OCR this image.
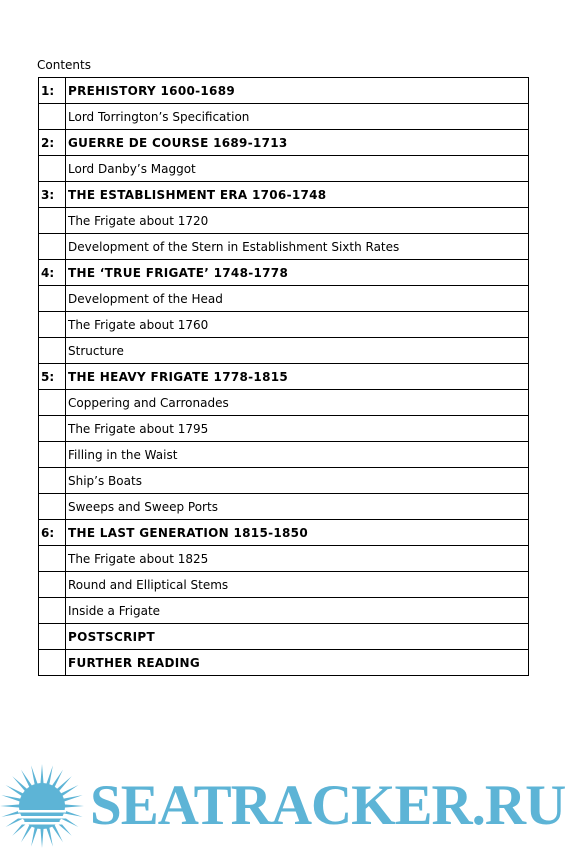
Contents
1:	PREHISTORY 1600-1689
	Lord Torrington’s Specification
2:	GUERRE DE COURSE 1689-1713
	Lord Danby’s Maggot
3:	THE ESTABLISHMENT ERA 1706-1748
	The Frigate about 1720
	Development of the Stern in Establishment Sixth Rates
4:	THE ‘TRUE FRIGATE’ 1748-1778
	Development of the Head
	The Frigate about 1760
	Structure
5:	THE HEAVY FRIGATE 1778-1815
	Coppering and Carronades
	The Frigate about 1795
	Filling in the Waist
	Ship’s Boats
	Sweeps and Sweep Ports
6:	THE LAST GENERATION 1815-1850
	The Frigate about 1825
	Round and Elliptical Stems
	Inside a Frigate
	POSTSCRIPT
	FURTHER READING
SEATRACKER.RU
